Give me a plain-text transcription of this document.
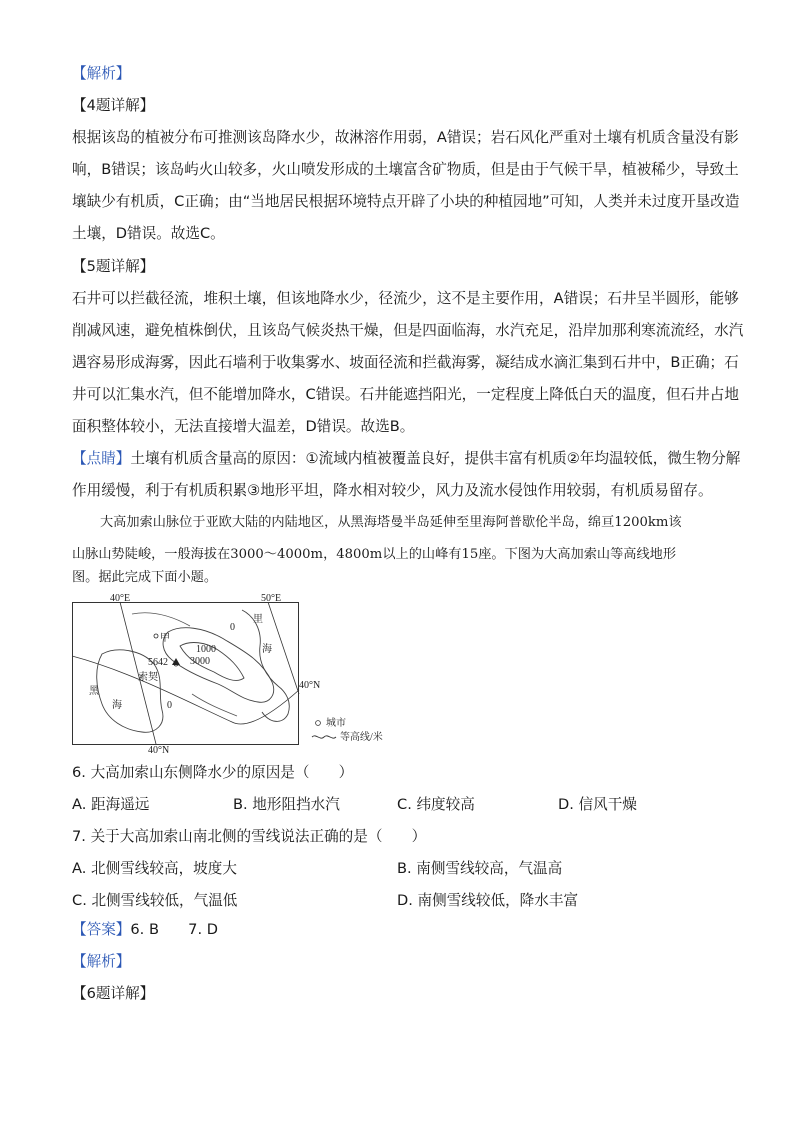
【解析】
【4题详解】
根据该岛的植被分布可推测该岛降水少，故淋溶作用弱，A错误；岩石风化严重对土壤有机质含量没有影
响，B错误；该岛屿火山较多，火山喷发形成的土壤富含矿物质，但是由于气候干旱，植被稀少，导致土
壤缺少有机质，C正确；由“当地居民根据环境特点开辟了小块的种植园地”可知，人类并未过度开垦改造
土壤，D错误。故选C。
【5题详解】
石井可以拦截径流，堆积土壤，但该地降水少，径流少，这不是主要作用，A错误；石井呈半圆形，能够
削减风速，避免植株倒伏，且该岛气候炎热干燥，但是四面临海，水汽充足，沿岸加那利寒流流经，水汽
遇容易形成海雾，因此石墙利于收集雾水、坡面径流和拦截海雾，凝结成水滴汇集到石井中，B正确；石
井可以汇集水汽，但不能增加降水，C错误。石井能遮挡阳光，一定程度上降低白天的温度，但石井占地
面积整体较小，无法直接增大温差，D错误。故选B。
【点睛】土壤有机质含量高的原因：①流域内植被覆盖良好，提供丰富有机质②年均温较低，微生物分解
作用缓慢，利于有机质积累③地形平坦，降水相对较少，风力及流水侵蚀作用较弱，有机质易留存。
大高加索山脉位于亚欧大陆的内陆地区，从黑海塔曼半岛延伸至里海阿普歇伦半岛，绵亘1200km该
山脉山势陡峻，一般海拔在3000～4000m，4800m以上的山峰有15座。下图为大高加索山等高线地形
图。据此完成下面小题。
40°E	50°E
40°N
40°N
甲
0
里
海
1000
3000
5642
索契
黑
海	0
城市
等高线/米
6. 大高加索山东侧降水少的原因是（　　）
A. 距海遥远	B. 地形阻挡水汽	C. 纬度较高	D. 信风干燥
7. 关于大高加索山南北侧的雪线说法正确的是（　　）
A. 北侧雪线较高，坡度大	B. 南侧雪线较高，气温高
C. 北侧雪线较低，气温低	D. 南侧雪线较低，降水丰富
【答案】6. B　　7. D
【解析】
【6题详解】
